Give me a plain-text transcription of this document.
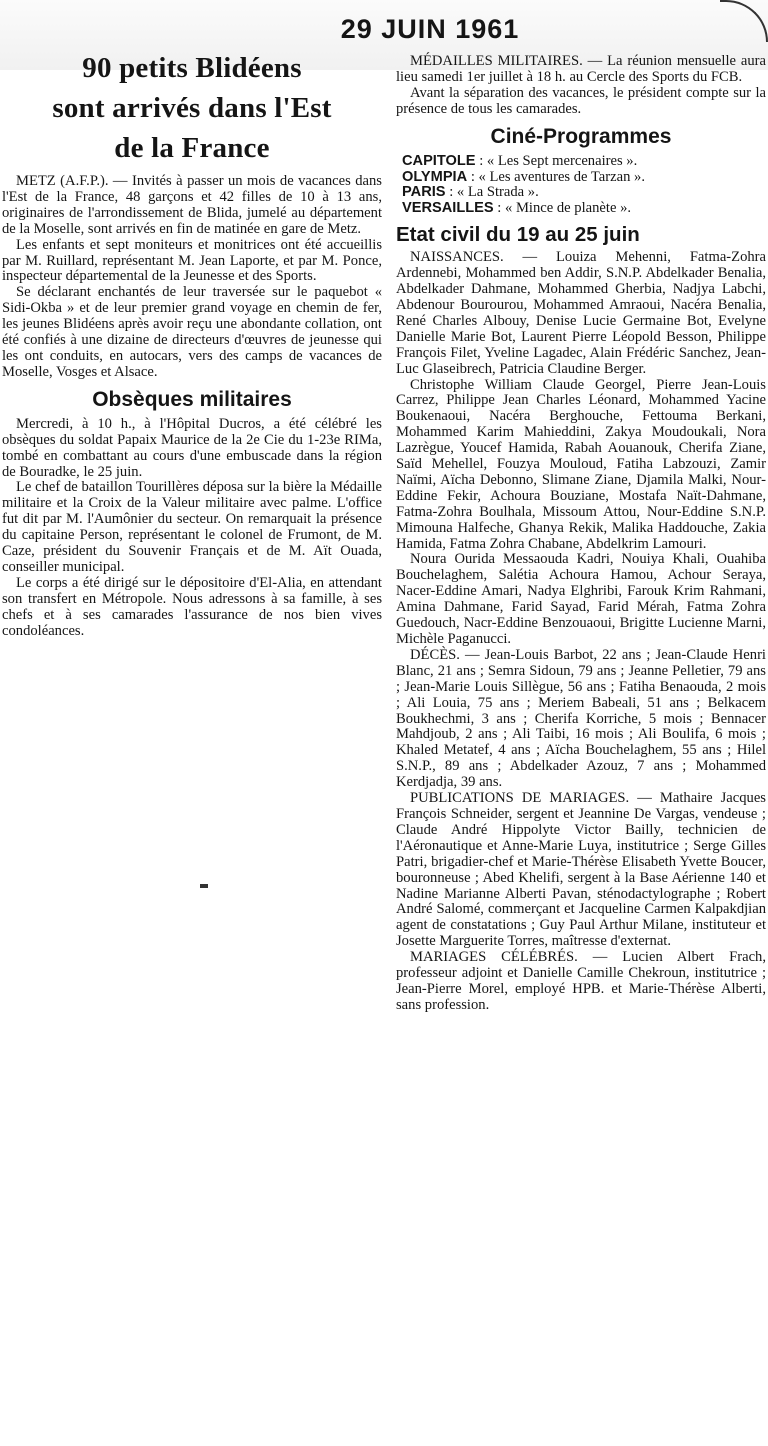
29 JUIN 1961
90 petits Blidéens
sont arrivés dans l'Est
de la France

METZ (A.F.P.). — Invités à passer un mois de vacances dans l'Est de la France, 48 garçons et 42 filles de 10 à 13 ans, originaires de l'arrondissement de Blida, jumelé au département de la Moselle, sont arrivés en fin de matinée en gare de Metz.

Les enfants et sept moniteurs et monitrices ont été accueillis par M. Ruillard, représentant M. Jean Laporte, et par M. Ponce, inspecteur départemental de la Jeunesse et des Sports.

Se déclarant enchantés de leur traversée sur le paquebot « Sidi-Okba » et de leur premier grand voyage en chemin de fer, les jeunes Blidéens après avoir reçu une abondante collation, ont été confiés à une dizaine de directeurs d'œuvres de jeunesse qui les ont conduits, en autocars, vers des camps de vacances de Moselle, Vosges et Alsace.

Obsèques militaires

Mercredi, à 10 h., à l'Hôpital Ducros, a été célébré les obsèques du soldat Papaix Maurice de la 2e Cie du 1-23e RIMa, tombé en combattant au cours d'une embuscade dans la région de Bouradke, le 25 juin.

Le chef de bataillon Tourillères déposa sur la bière la Médaille militaire et la Croix de la Valeur militaire avec palme. L'office fut dit par M. l'Aumônier du secteur. On remarquait la présence du capitaine Person, représentant le colonel de Frumont, de M. Caze, président du Souvenir Français et de M. Aït Ouada, conseiller municipal.

Le corps a été dirigé sur le dépositoire d'El-Alia, en attendant son transfert en Métropole. Nous adressons à sa famille, à ses chefs et à ses camarades l'assurance de nos bien vives condoléances.

MÉDAILLES MILITAIRES. — La réunion mensuelle aura lieu samedi 1er juillet à 18 h. au Cercle des Sports du FCB.

Avant la séparation des vacances, le président compte sur la présence de tous les camarades.

Ciné-Programmes
CAPITOLE : « Les Sept mercenaires ».
OLYMPIA : « Les aventures de Tarzan ».
PARIS : « La Strada ».
VERSAILLES : « Mince de planète ».
Etat civil du 19 au 25 juin

NAISSANCES. — Louiza Mehenni, Fatma-Zohra Ardennebi, Mohammed ben Addir, S.N.P. Abdelkader Benalia, Abdelkader Dahmane, Mohammed Gherbia, Nadjya Labchi, Abdenour Bourourou, Mohammed Amraoui, Nacéra Benalia, René Charles Albouy, Denise Lucie Germaine Bot, Evelyne Danielle Marie Bot, Laurent Pierre Léopold Besson, Philippe François Filet, Yveline Lagadec, Alain Frédéric Sanchez, Jean-Luc Glaseibrech, Patricia Claudine Berger.

Christophe William Claude Georgel, Pierre Jean-Louis Carrez, Philippe Jean Charles Léonard, Mohammed Yacine Boukenaoui, Nacéra Berghouche, Fettouma Berkani, Mohammed Karim Mahieddini, Zakya Moudoukali, Nora Lazrègue, Youcef Hamida, Rabah Aouanouk, Cherifa Ziane, Saïd Mehellel, Fouzya Mouloud, Fatiha Labzouzi, Zamir Naïmi, Aïcha Debonno, Slimane Ziane, Djamila Malki, Nour-Eddine Fekir, Achoura Bouziane, Mostafa Naït-Dahmane, Fatma-Zohra Boulhala, Missoum Attou, Nour-Eddine S.N.P. Mimouna Halfeche, Ghanya Rekik, Malika Haddouche, Zakia Hamida, Fatma Zohra Chabane, Abdelkrim Lamouri.

Noura Ourida Messaouda Kadri, Nouiya Khali, Ouahiba Bouchelaghem, Salétia Achoura Hamou, Achour Seraya, Nacer-Eddine Amari, Nadya Elghribi, Farouk Krim Rahmani, Amina Dahmane, Farid Sayad, Farid Mérah, Fatma Zohra Guedouch, Nacr-Eddine Benzouaoui, Brigitte Lucienne Marni, Michèle Paganucci.

DÉCÈS. — Jean-Louis Barbot, 22 ans ; Jean-Claude Henri Blanc, 21 ans ; Semra Sidoun, 79 ans ; Jeanne Pelletier, 79 ans ; Jean-Marie Louis Sillègue, 56 ans ; Fatiha Benaouda, 2 mois ; Ali Louia, 75 ans ; Meriem Babeali, 51 ans ; Belkacem Boukhechmi, 3 ans ; Cherifa Korriche, 5 mois ; Bennacer Mahdjoub, 2 ans ; Ali Taibi, 16 mois ; Ali Boulifa, 6 mois ; Khaled Metatef, 4 ans ; Aïcha Bouchelaghem, 55 ans ; Hilel S.N.P., 89 ans ; Abdelkader Azouz, 7 ans ; Mohammed Kerdjadja, 39 ans.

PUBLICATIONS DE MARIAGES. — Mathaire Jacques François Schneider, sergent et Jeannine De Vargas, vendeuse ; Claude André Hippolyte Victor Bailly, technicien de l'Aéronautique et Anne-Marie Luya, institutrice ; Serge Gilles Patri, brigadier-chef et Marie-Thérèse Elisabeth Yvette Boucer, bouronneuse ; Abed Khelifi, sergent à la Base Aérienne 140 et Nadine Marianne Alberti Pavan, sténodactylographe ; Robert André Salomé, commerçant et Jacqueline Carmen Kalpakdjian agent de constatations ; Guy Paul Arthur Milane, instituteur et Josette Marguerite Torres, maîtresse d'externat.

MARIAGES CÉLÉBRÉS. — Lucien Albert Frach, professeur adjoint et Danielle Camille Chekroun, institutrice ; Jean-Pierre Morel, employé HPB. et Marie-Thérèse Alberti, sans profession.
